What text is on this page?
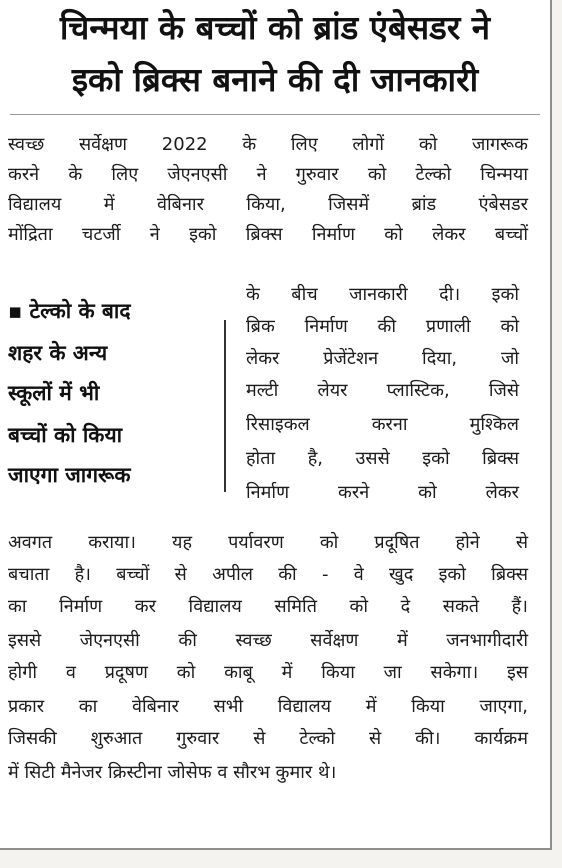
चिन्मया के बच्चों को ब्रांड एंबेसडर ने
इको ब्रिक्स बनाने की दी जानकारी
स्वच्छ सर्वेक्षण 2022 के लिए लोगों को जागरूक
करने के लिए जेएनएसी ने गुरुवार को टेल्को चिन्मया
विद्यालय में वेबिनार किया, जिसमें ब्रांड एंबेसडर
मोंद्रिता चटर्जी ने इको ब्रिक्स निर्माण को लेकर बच्चों
▪ टेल्को के बाद
शहर के अन्य
स्कूलों में भी
बच्चों को किया
जाएगा जागरूक
के बीच जानकारी दी। इको
ब्रिक निर्माण की प्रणाली को
लेकर प्रेजेंटेशन दिया, जो
मल्टी लेयर प्लास्टिक, जिसे
रिसाइकल करना मुश्किल
होता है, उससे इको ब्रिक्स
निर्माण करने को लेकर
अवगत कराया। यह पर्यावरण को प्रदूषित होने से
बचाता है। बच्चों से अपील की - वे खुद इको ब्रिक्स
का निर्माण कर विद्यालय समिति को दे सकते हैं।
इससे जेएनएसी की स्वच्छ सर्वेक्षण में जनभागीदारी
होगी व प्रदूषण को काबू में किया जा सकेगा। इस
प्रकार का वेबिनार सभी विद्यालय में किया जाएगा,
जिसकी शुरुआत गुरुवार से टेल्को से की। कार्यक्रम
में सिटी मैनेजर क्रिस्टीना जोसेफ व सौरभ कुमार थे।
